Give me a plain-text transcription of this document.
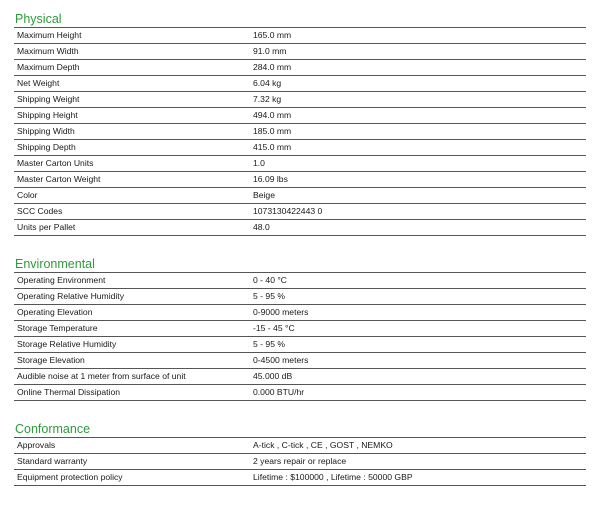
Physical
Maximum Height	165.0 mm
Maximum Width	91.0 mm
Maximum Depth	284.0 mm
Net Weight	6.04 kg
Shipping Weight	7.32 kg
Shipping Height	494.0 mm
Shipping Width	185.0 mm
Shipping Depth	415.0 mm
Master Carton Units	1.0
Master Carton Weight	16.09 lbs
Color	Beige
SCC Codes	1073130422443 0
Units per Pallet	48.0
Environmental
Operating Environment	0 - 40 °C
Operating Relative Humidity	5 - 95 %
Operating Elevation	0-9000 meters
Storage Temperature	-15 - 45 °C
Storage Relative Humidity	5 - 95 %
Storage Elevation	0-4500 meters
Audible noise at 1 meter from surface of unit	45.000 dB
Online Thermal Dissipation	0.000 BTU/hr
Conformance
Approvals	A-tick , C-tick , CE , GOST , NEMKO
Standard warranty	2 years repair or replace
Equipment protection policy	Lifetime : $100000 , Lifetime : 50000 GBP
